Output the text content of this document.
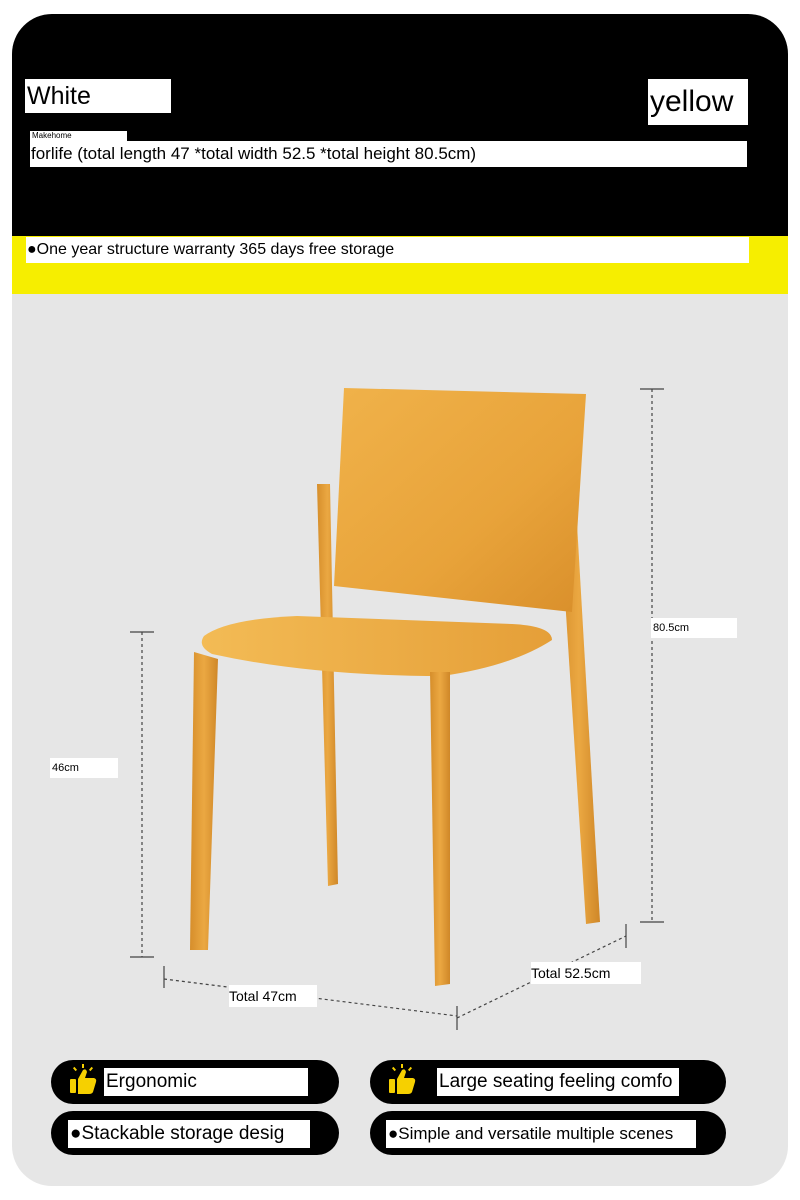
White	yellow
Makehome
forlife (total length 47 *total width 52.5 *total height 80.5cm)
●One year structure warranty 365 days free storage
80.5cm
46cm
Total 52.5cm
Total 47cm
Ergonomic	Large seating feeling comfo
●Stackable storage desig	●Simple and versatile multiple scenes
